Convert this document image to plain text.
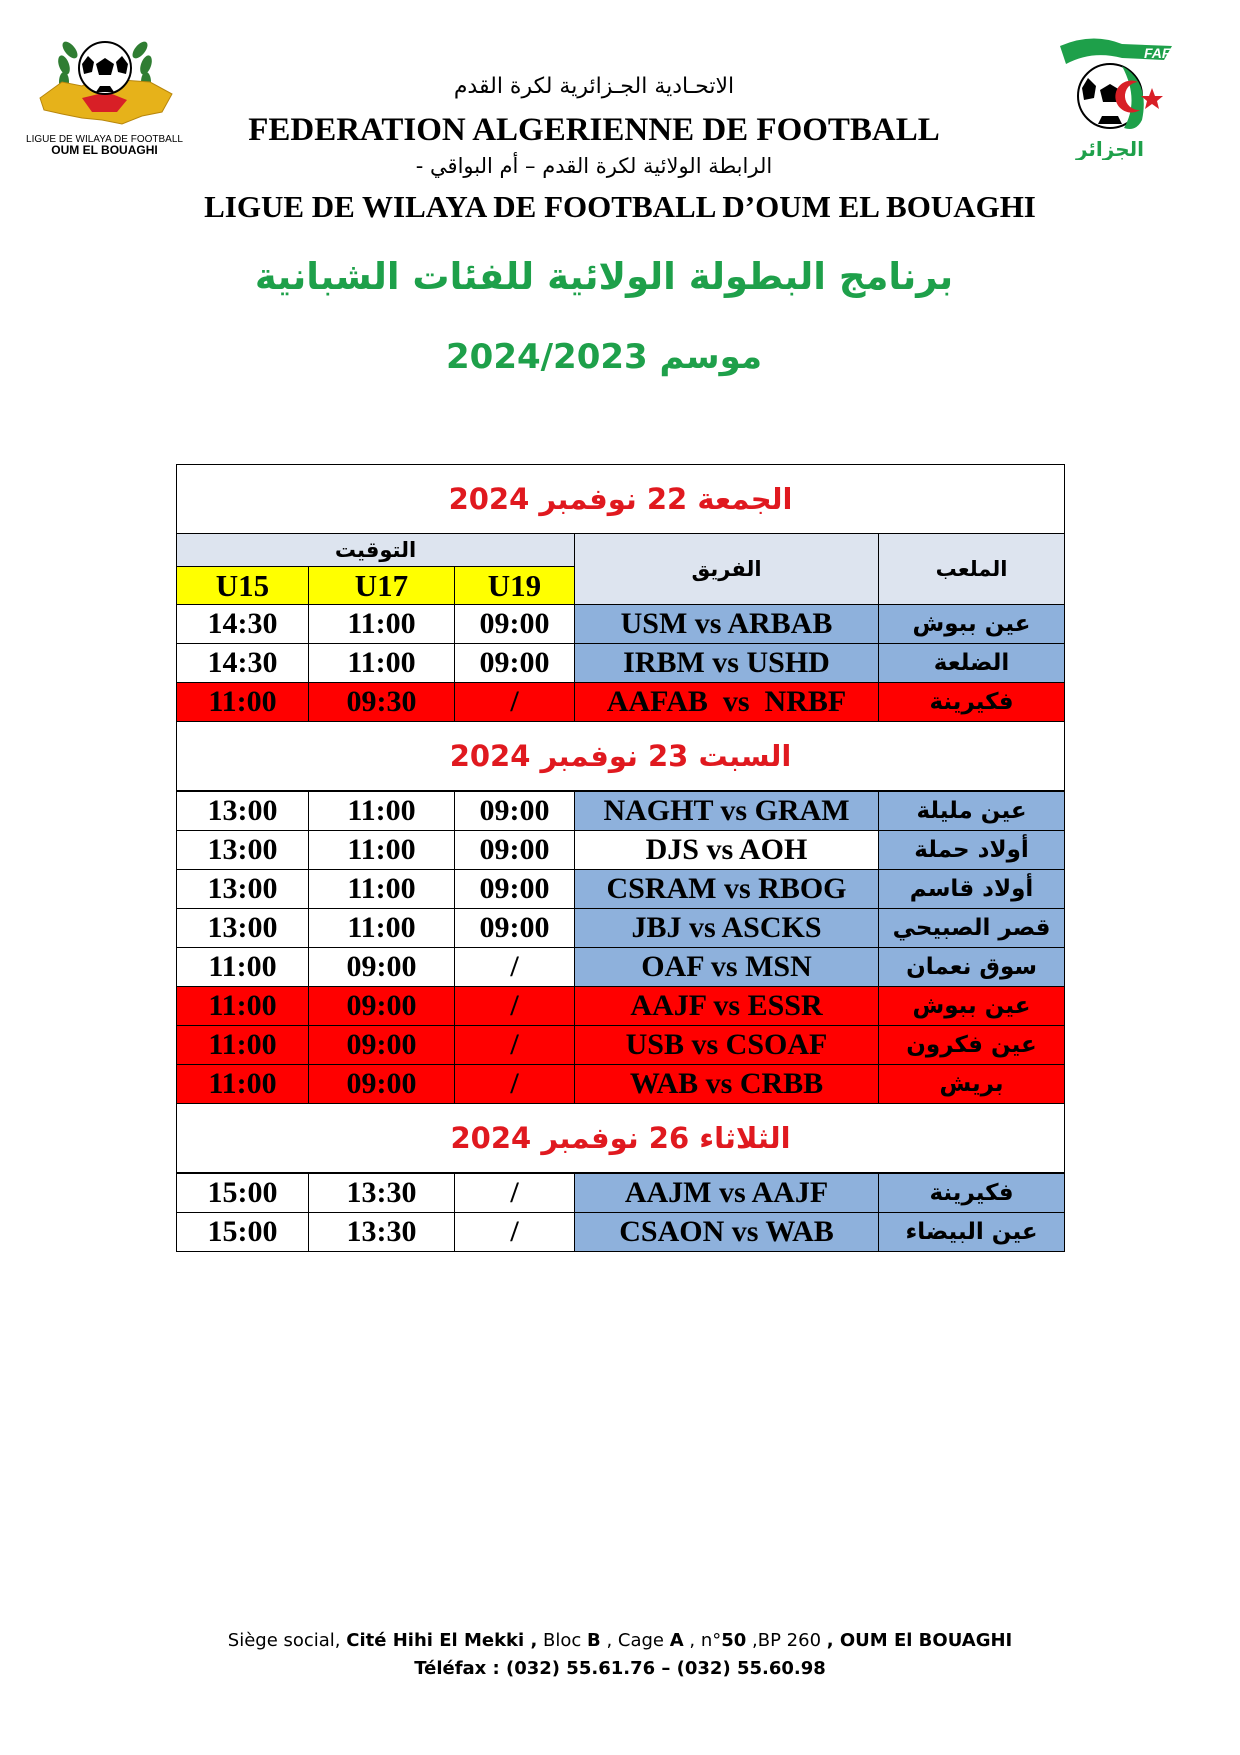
LIGUE DE WILAYA DE FOOTBALL
OUM EL BOUAGHI
FAF
الجزائر
الاتحـادية الجـزائرية لكرة القدم
FEDERATION ALGERIENNE DE FOOTBALL
الرابطة الولائية لكرة القدم – أم البواقي -
LIGUE DE WILAYA DE FOOTBALL D’OUM EL BOUAGHI
برنامج البطولة الولائية للفئات الشبانية
موسم 2024/2023
الجمعة 22 نوفمبر 2024				
التوقيت			الفريق	الملعب
U15	U17	U19		
14:30	11:00	09:00	USM vs ARBAB	عين ببوش
14:30	11:00	09:00	IRBM vs USHD	الضلعة
11:00	09:30	/	AAFAB  vs  NRBF	فكيرينة
السبت 23 نوفمبر 2024				

13:00	11:00	09:00	NAGHT vs GRAM	عين مليلة
13:00	11:00	09:00	DJS vs AOH	أولاد حملة
13:00	11:00	09:00	CSRAM vs RBOG	أولاد قاسم
13:00	11:00	09:00	JBJ vs ASCKS	قصر الصبيحي
11:00	09:00	/	OAF vs MSN	سوق نعمان
11:00	09:00	/	AAJF vs ESSR	عين ببوش
11:00	09:00	/	USB vs CSOAF	عين فكرون
11:00	09:00	/	WAB vs CRBB	بريش
الثلاثاء 26 نوفمبر 2024				

15:00	13:30	/	AAJM vs AAJF	فكيرينة
15:00	13:30	/	CSAON vs WAB	عين البيضاء
Siège social, Cité Hihi El Mekki , Bloc B , Cage A , n°50 ,BP 260 , OUM El BOUAGHI
Téléfax : (032) 55.61.76 – (032) 55.60.98
